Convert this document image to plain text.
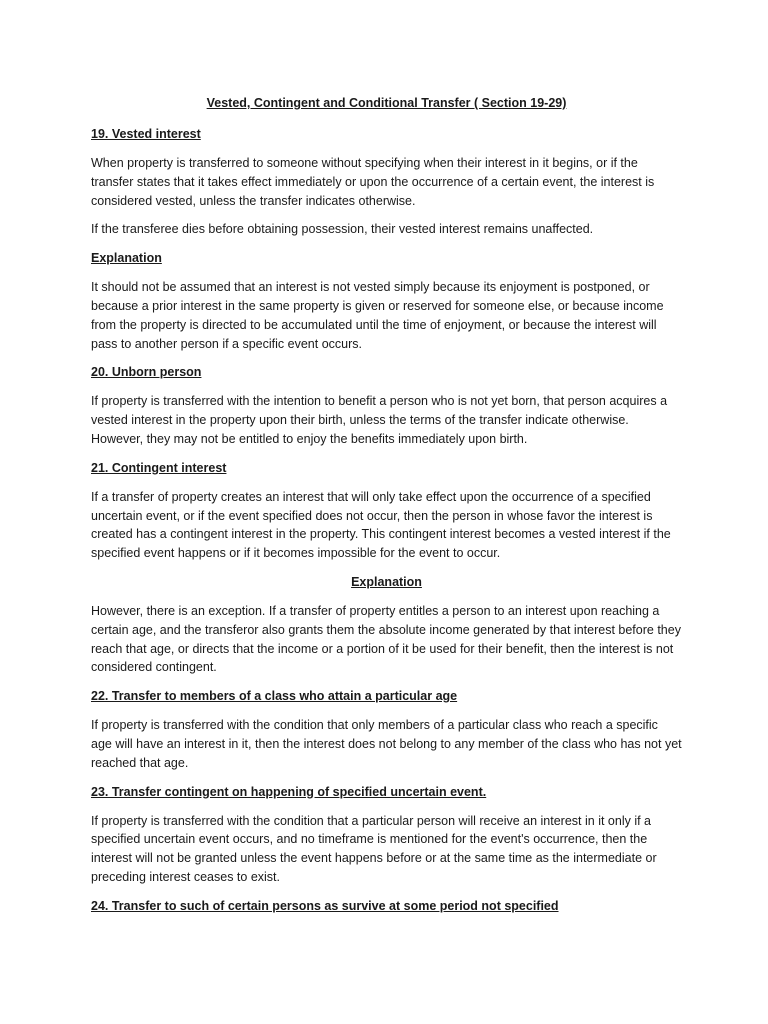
Vested, Contingent and Conditional Transfer ( Section 19-29)
19. Vested interest

When property is transferred to someone without specifying when their interest in it begins, or if the transfer states that it takes effect immediately or upon the occurrence of a certain event, the interest is considered vested, unless the transfer indicates otherwise.

If the transferee dies before obtaining possession, their vested interest remains unaffected.

Explanation

It should not be assumed that an interest is not vested simply because its enjoyment is postponed, or because a prior interest in the same property is given or reserved for someone else, or because income from the property is directed to be accumulated until the time of enjoyment, or because the interest will pass to another person if a specific event occurs.

20. Unborn person

If property is transferred with the intention to benefit a person who is not yet born, that person acquires a vested interest in the property upon their birth, unless the terms of the transfer indicate otherwise. However, they may not be entitled to enjoy the benefits immediately upon birth.

21. Contingent interest

If a transfer of property creates an interest that will only take effect upon the occurrence of a specified uncertain event, or if the event specified does not occur, then the person in whose favor the interest is created has a contingent interest in the property. This contingent interest becomes a vested interest if the specified event happens or if it becomes impossible for the event to occur.

Explanation

However, there is an exception. If a transfer of property entitles a person to an interest upon reaching a certain age, and the transferor also grants them the absolute income generated by that interest before they reach that age, or directs that the income or a portion of it be used for their benefit, then the interest is not considered contingent.

22. Transfer to members of a class who attain a particular age

If property is transferred with the condition that only members of a particular class who reach a specific age will have an interest in it, then the interest does not belong to any member of the class who has not yet reached that age.

23. Transfer contingent on happening of specified uncertain event.

If property is transferred with the condition that a particular person will receive an interest in it only if a specified uncertain event occurs, and no timeframe is mentioned for the event's occurrence, then the interest will not be granted unless the event happens before or at the same time as the intermediate or preceding interest ceases to exist.

24. Transfer to such of certain persons as survive at some period not specified
